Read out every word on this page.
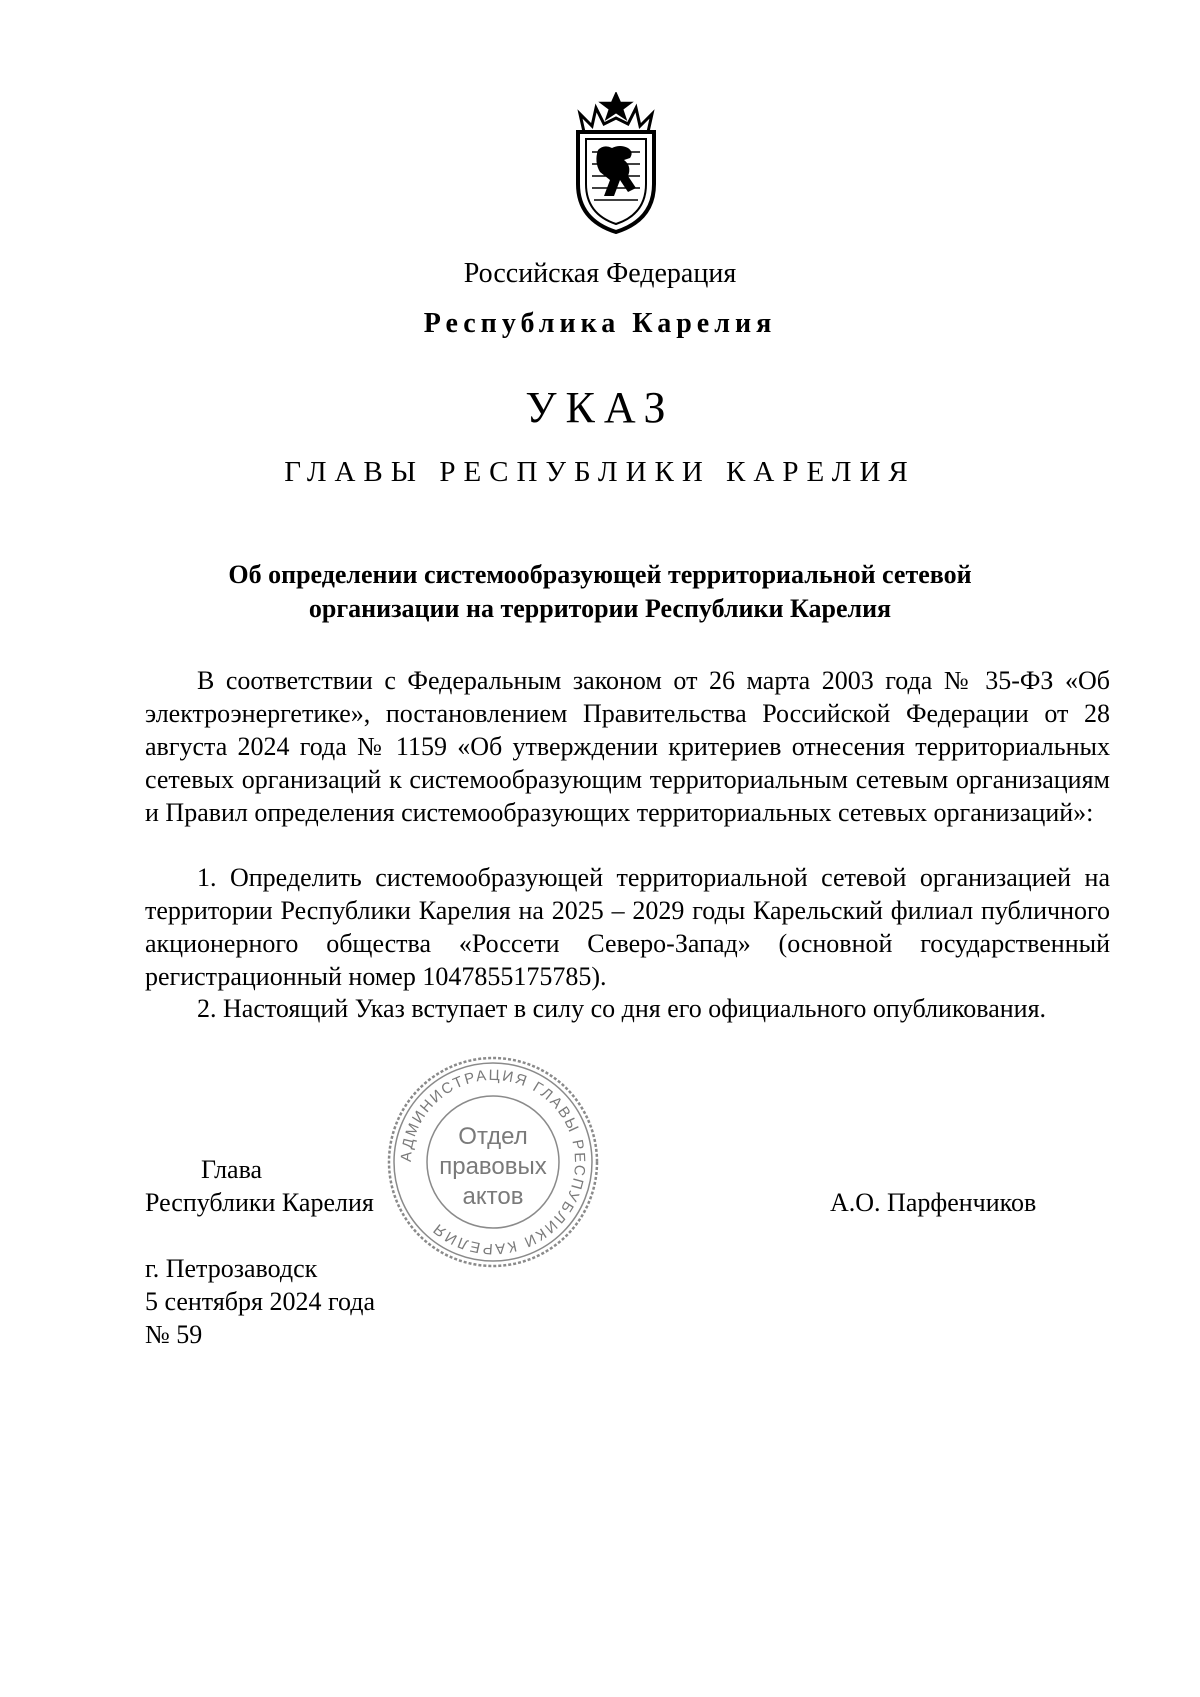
Российская Федерация
Республика Карелия
УКАЗ
ГЛАВЫ РЕСПУБЛИКИ КАРЕЛИЯ
Об определении системообразующей территориальной сетевой
организации на территории Республики Карелия

В соответствии с Федеральным законом от 26 марта 2003 года № 35-ФЗ «Об электроэнергетике», постановлением Правительства Российской Федерации от 28 августа 2024 года № 1159 «Об утверждении критериев отнесения территориальных сетевых организаций к системообразующим территориальным сетевым организациям и Правил определения системообразующих территориальных сетевых организаций»:

1. Определить системообразующей территориальной сетевой организацией на территории Республики Карелия на 2025 – 2029 годы Карельский филиал публичного акционерного общества «Россети Северо-Запад» (основной государственный регистрационный номер 1047855175785).

2. Настоящий Указ вступает в силу со дня его официального опубликования.

Глава
Республики Карелия	А.О. Парфенчиков
г. Петрозаводск
5 сентября 2024 года
№ 59
АДМИНИСТРАЦИЯ ГЛАВЫ РЕСПУБЛИКИ КАРЕЛИЯ
Отдел
правовых
актов
